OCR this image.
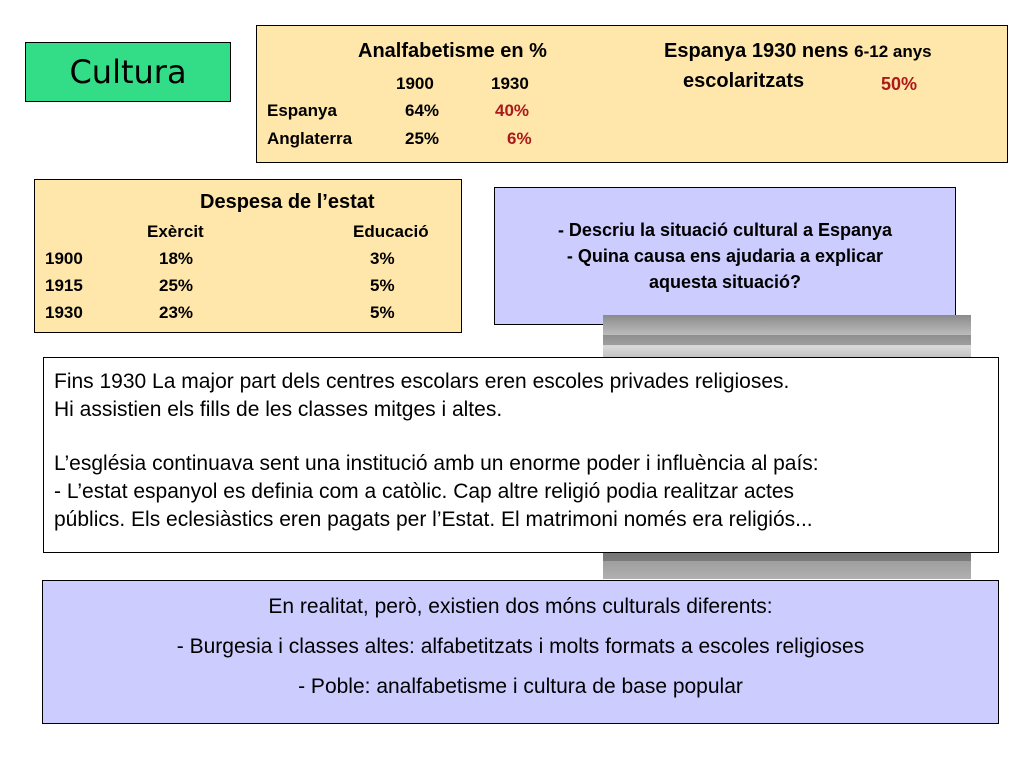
Cultura
Analfabetisme en %	Espanya 1930 nens 6-12 anys
1900	1930	escolaritzats	50%
Espanya	64%	40%
Anglaterra	25%	6%
Despesa de l’estat
Exèrcit	Educació
1900	18%	3%
1915	25%	5%
1930	23%	5%
- Descriu la situació cultural a Espanya
- Quina causa ens ajudaria a explicar
aquesta situació?

Fins 1930 La major part dels centres escolars eren escoles privades religioses.

Hi assistien els fills de les classes mitges i altes.

L’església continuava sent una institució amb un enorme poder i influència al país:

- L’estat espanyol es definia com a catòlic. Cap altre religió podia realitzar actes

públics. Els eclesiàstics eren pagats per l’Estat. El matrimoni només era religiós...

En realitat, però, existien dos móns culturals diferents:

- Burgesia i classes altes: alfabetitzats i molts formats a escoles religioses

- Poble: analfabetisme i cultura de base popular
